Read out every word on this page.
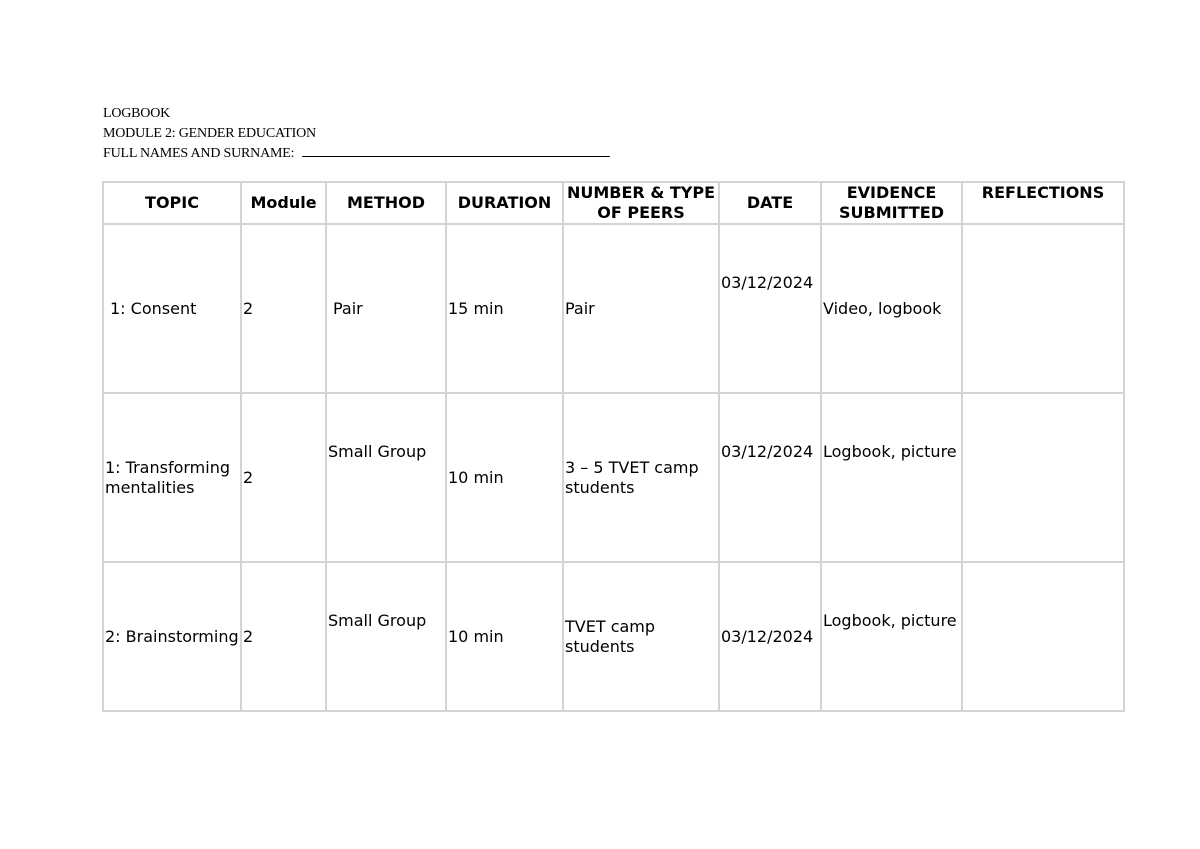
LOGBOOK
MODULE 2: GENDER EDUCATION
FULL NAMES AND SURNAME:
TOPIC	Module	METHOD	DURATION	NUMBER & TYPE OF PEERS	DATE	EVIDENCE SUBMITTED	REFLECTIONS
1: Consent	2	Pair	15 min	Pair	03/12/2024	Video, logbook	
1: Transforming mentalities	2	Small Group	10 min	3 – 5 TVET camp students	03/12/2024	Logbook, picture	
2: Brainstorming	2	Small Group	10 min	TVET camp students	03/12/2024	Logbook, picture	
